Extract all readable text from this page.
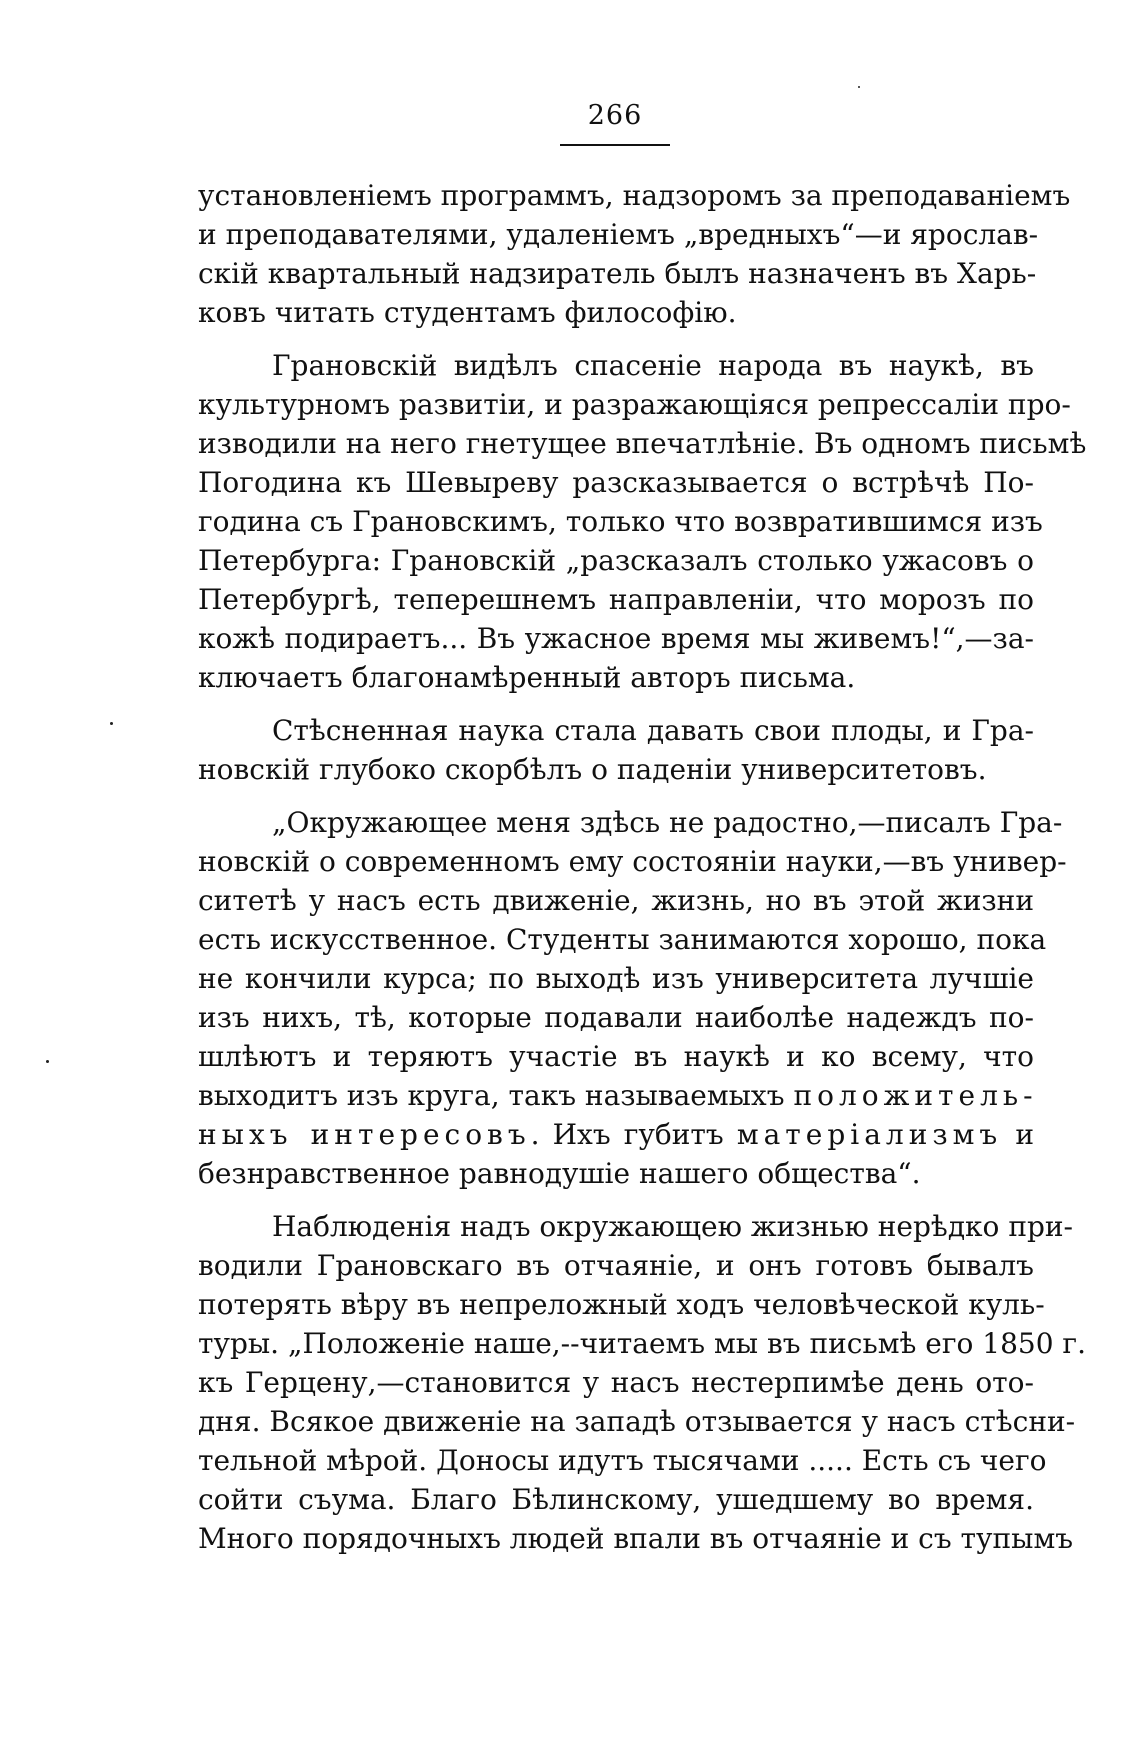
266
установленіемъ программъ, надзоромъ за преподаваніемъ
и преподавателями, удаленіемъ „вредныхъ“—и ярослав-
скій квартальный надзиратель былъ назначенъ въ Харь-
ковъ читать студентамъ философію.
Грановскій видѣлъ спасеніе народа въ наукѣ, въ
культурномъ развитіи, и разражающіяся репрессаліи про-
изводили на него гнетущее впечатлѣніе. Въ одномъ письмѣ
Погодина къ Шевыреву разсказывается о встрѣчѣ По-
година съ Грановскимъ, только что возвратившимся изъ
Петербурга: Грановскій „разсказалъ столько ужасовъ о
Петербургѣ, теперешнемъ направленіи, что морозъ по
кожѣ подираетъ... Въ ужасное время мы живемъ!“,—за-
ключаетъ благонамѣренный авторъ письма.
Стѣсненная наука стала давать свои плоды, и Гра-
новскій глубоко скорбѣлъ о паденіи университетовъ.
„Окружающее меня здѣсь не радостно,—писалъ Гра-
новскій о современномъ ему состояніи науки,—въ универ-
ситетѣ у насъ есть движеніе, жизнь, но въ этой жизни
есть искусственное. Студенты занимаются хорошо, пока
не кончили курса; по выходѣ изъ университета лучшіе
изъ нихъ, тѣ, которые подавали наиболѣе надеждъ по-
шлѣютъ и теряютъ участіе въ наукѣ и ко всему, что
выходитъ изъ круга, такъ называемыхъ положитель-
ныхъ интересовъ. Ихъ губитъ матеріализмъ и
безнравственное равнодушіе нашего общества“.
Наблюденія надъ окружающею жизнью нерѣдко при-
водили Грановскаго въ отчаяніе, и онъ готовъ бывалъ
потерять вѣру въ непреложный ходъ человѣческой куль-
туры. „Положеніе наше,--читаемъ мы въ письмѣ его 1850 г.
къ Герцену,—становится у насъ нестерпимѣе день ото-
дня. Всякое движеніе на западѣ отзывается у насъ стѣсни-
тельной мѣрой. Доносы идутъ тысячами ..... Есть съ чего
сойти съума. Благо Бѣлинскому, ушедшему во время.
Много порядочныхъ людей впали въ отчаяніе и съ тупымъ
